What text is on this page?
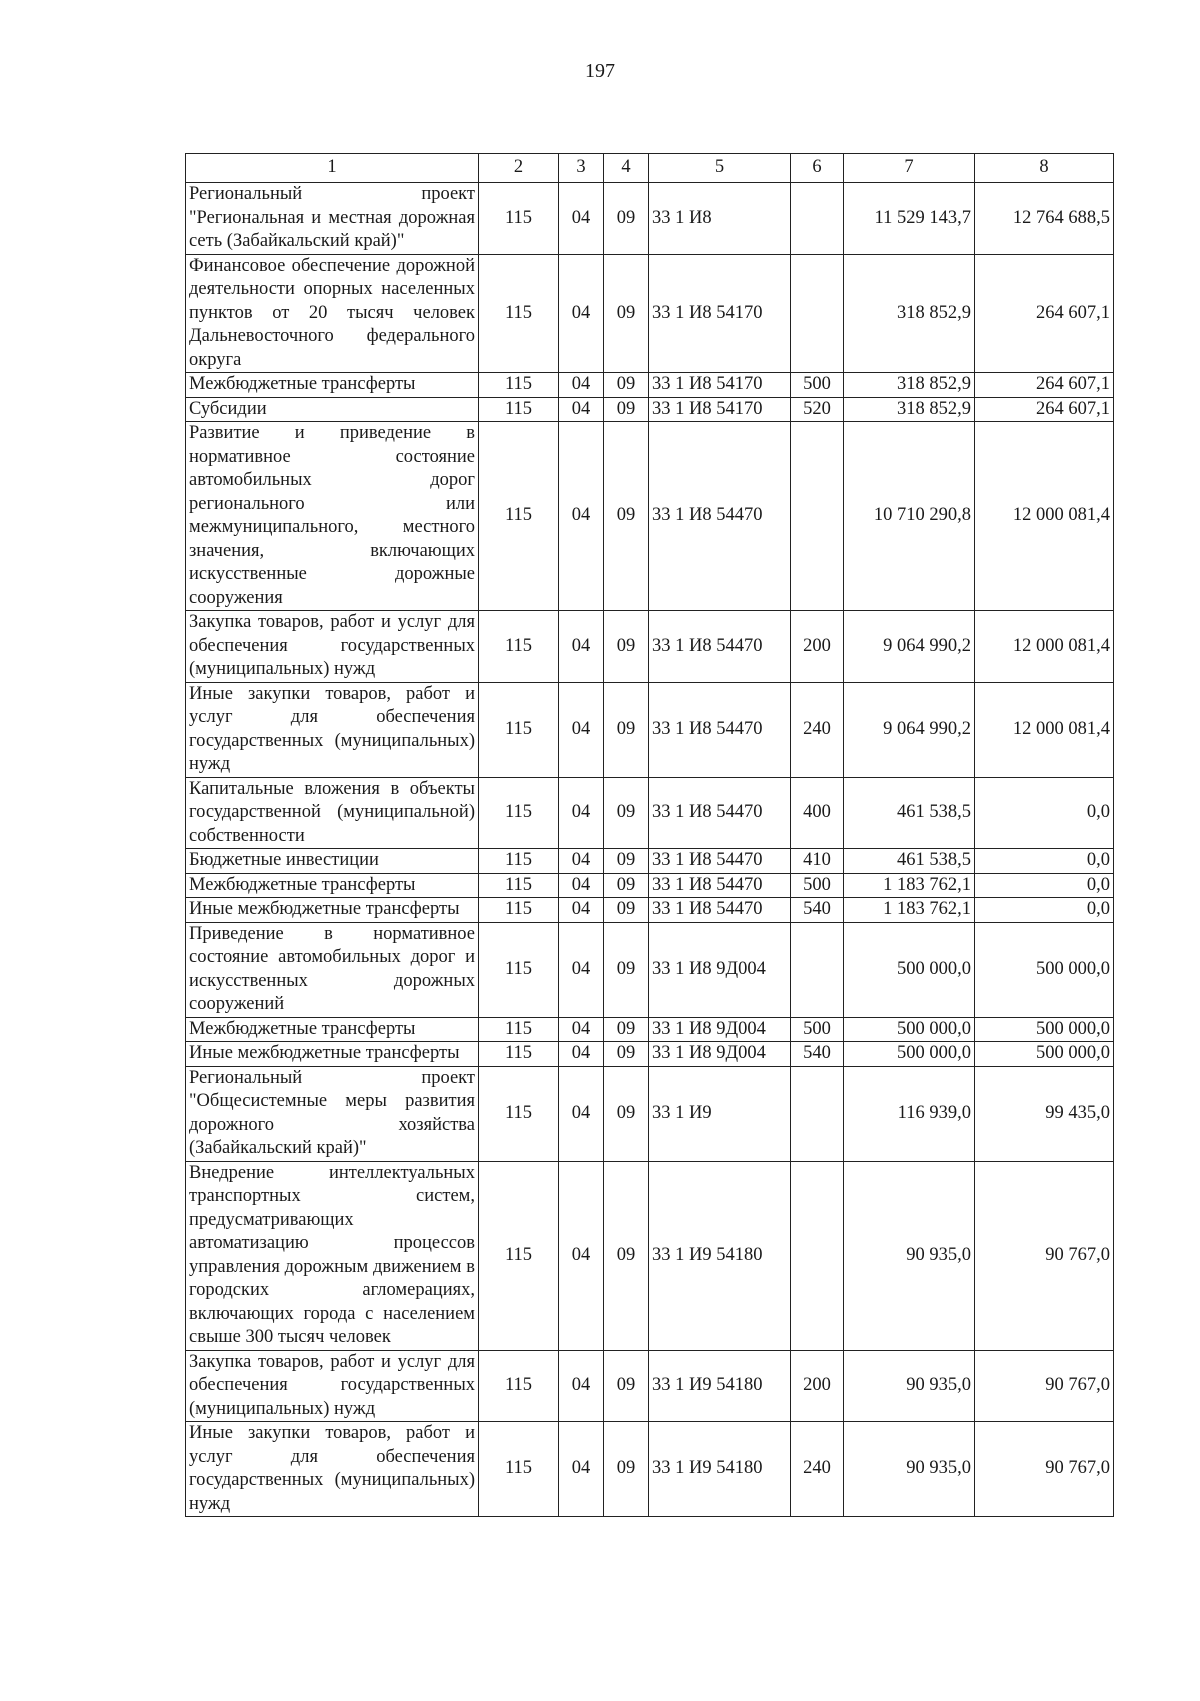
197
1	2	3	4	5	6	7	8
Региональный проект "Региональная и местная дорожная сеть (Забайкальский край)"	115	04	09	33 1 И8		11 529 143,7	12 764 688,5
Финансовое обеспечение дорожной деятельности опорных населенных пунктов от 20 тысяч человек Дальневосточного федерального округа	115	04	09	33 1 И8 54170		318 852,9	264 607,1
Межбюджетные трансферты	115	04	09	33 1 И8 54170	500	318 852,9	264 607,1
Субсидии	115	04	09	33 1 И8 54170	520	318 852,9	264 607,1
Развитие и приведение в нормативное состояние автомобильных дорог регионального или межмуниципального, местного значения, включающих искусственные дорожные сооружения	115	04	09	33 1 И8 54470		10 710 290,8	12 000 081,4
Закупка товаров, работ и услуг для обеспечения государственных (муниципальных) нужд	115	04	09	33 1 И8 54470	200	9 064 990,2	12 000 081,4
Иные закупки товаров, работ и услуг для обеспечения государственных (муниципальных) нужд	115	04	09	33 1 И8 54470	240	9 064 990,2	12 000 081,4
Капитальные вложения в объекты государственной (муниципальной) собственности	115	04	09	33 1 И8 54470	400	461 538,5	0,0
Бюджетные инвестиции	115	04	09	33 1 И8 54470	410	461 538,5	0,0
Межбюджетные трансферты	115	04	09	33 1 И8 54470	500	1 183 762,1	0,0
Иные межбюджетные трансферты	115	04	09	33 1 И8 54470	540	1 183 762,1	0,0
Приведение в нормативное состояние автомобильных дорог и искусственных дорожных сооружений	115	04	09	33 1 И8 9Д004		500 000,0	500 000,0
Межбюджетные трансферты	115	04	09	33 1 И8 9Д004	500	500 000,0	500 000,0
Иные межбюджетные трансферты	115	04	09	33 1 И8 9Д004	540	500 000,0	500 000,0
Региональный проект "Общесистемные меры развития дорожного хозяйства (Забайкальский край)"	115	04	09	33 1 И9		116 939,0	99 435,0
Внедрение интеллектуальных транспортных систем, предусматривающих автоматизацию процессов управления дорожным движением в городских агломерациях, включающих города с населением свыше 300 тысяч человек	115	04	09	33 1 И9 54180		90 935,0	90 767,0
Закупка товаров, работ и услуг для обеспечения государственных (муниципальных) нужд	115	04	09	33 1 И9 54180	200	90 935,0	90 767,0
Иные закупки товаров, работ и услуг для обеспечения государственных (муниципальных) нужд	115	04	09	33 1 И9 54180	240	90 935,0	90 767,0
